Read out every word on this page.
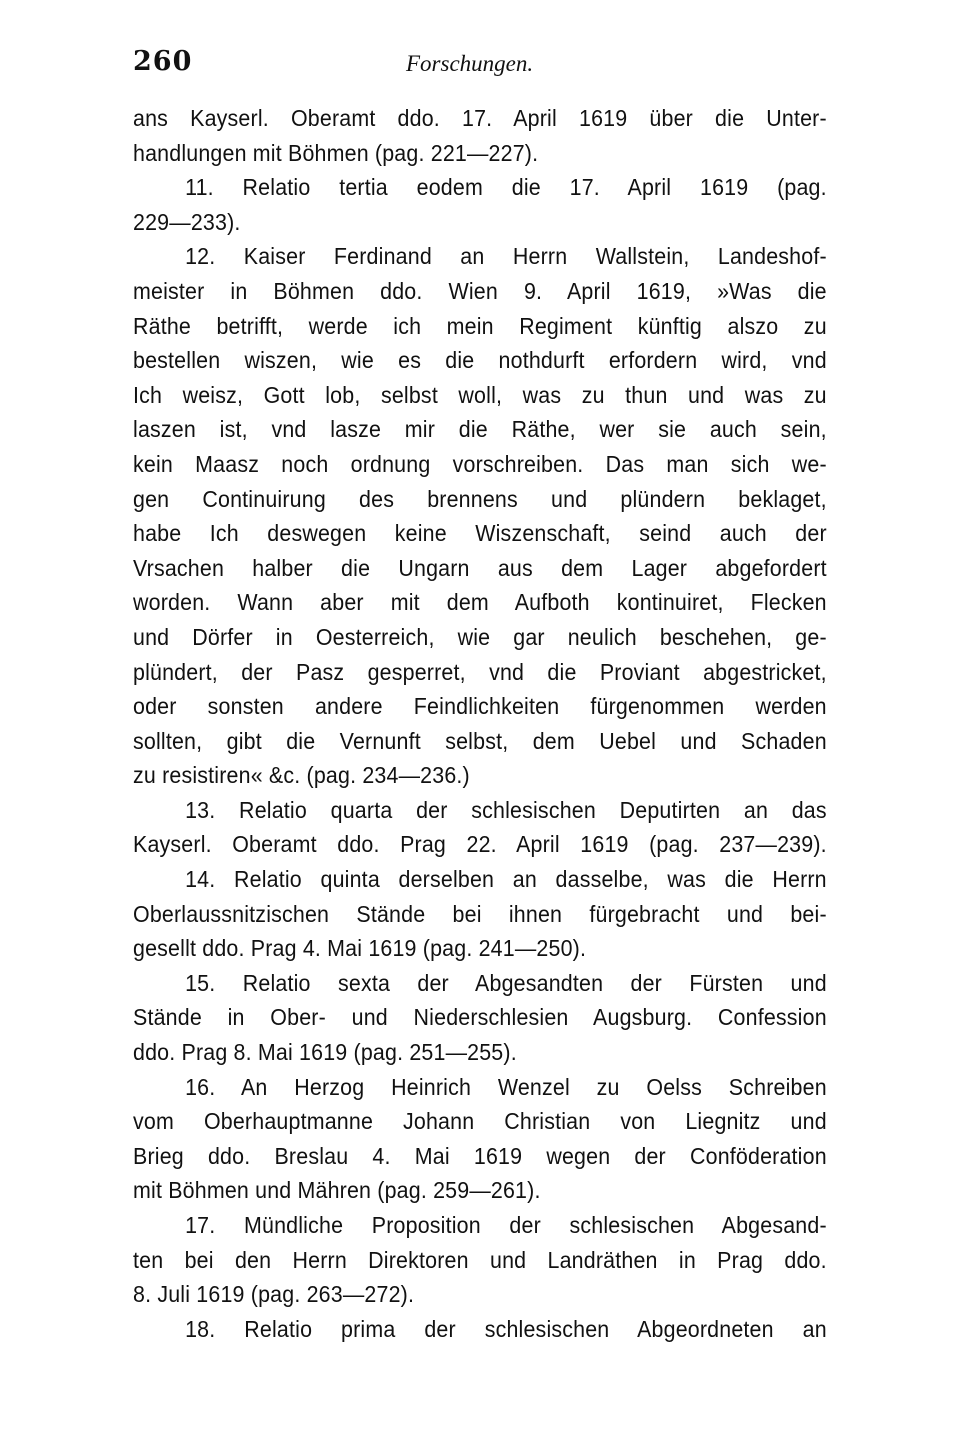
260	Forschungen.
ans Kayserl. Oberamt ddo. 17. April 1619 über die Unter-
handlungen mit Böhmen (pag. 221—227).
11. Relatio tertia eodem die 17. April 1619 (pag.
229—233).
12. Kaiser Ferdinand an Herrn Wallstein, Landeshof-
meister in Böhmen ddo. Wien 9. April 1619, »Was die
Räthe betrifft, werde ich mein Regiment künftig alszo zu
bestellen wiszen, wie es die nothdurft erfordern wird, vnd
Ich weisz, Gott lob, selbst woll, was zu thun und was zu
laszen ist, vnd lasze mir die Räthe, wer sie auch sein,
kein Maasz noch ordnung vorschreiben. Das man sich we-
gen Continuirung des brennens und plündern beklaget,
habe Ich deswegen keine Wiszenschaft, seind auch der
Vrsachen halber die Ungarn aus dem Lager abgefordert
worden. Wann aber mit dem Aufboth kontinuiret, Flecken
und Dörfer in Oesterreich, wie gar neulich beschehen, ge-
plündert, der Pasz gesperret, vnd die Proviant abgestricket,
oder sonsten andere Feindlichkeiten fürgenommen werden
sollten, gibt die Vernunft selbst, dem Uebel und Schaden
zu resistiren« &c. (pag. 234—236.)
13. Relatio quarta der schlesischen Deputirten an das
Kayserl. Oberamt ddo. Prag 22. April 1619 (pag. 237—239).
14. Relatio quinta derselben an dasselbe, was die Herrn
Oberlaussnitzischen Stände bei ihnen fürgebracht und bei-
gesellt ddo. Prag 4. Mai 1619 (pag. 241—250).
15. Relatio sexta der Abgesandten der Fürsten und
Stände in Ober- und Niederschlesien Augsburg. Confession
ddo. Prag 8. Mai 1619 (pag. 251—255).
16. An Herzog Heinrich Wenzel zu Oelss Schreiben
vom Oberhauptmanne Johann Christian von Liegnitz und
Brieg ddo. Breslau 4. Mai 1619 wegen der Conföderation
mit Böhmen und Mähren (pag. 259—261).
17. Mündliche Proposition der schlesischen Abgesand-
ten bei den Herrn Direktoren und Landräthen in Prag ddo.
8. Juli 1619 (pag. 263—272).
18. Relatio prima der schlesischen Abgeordneten an
